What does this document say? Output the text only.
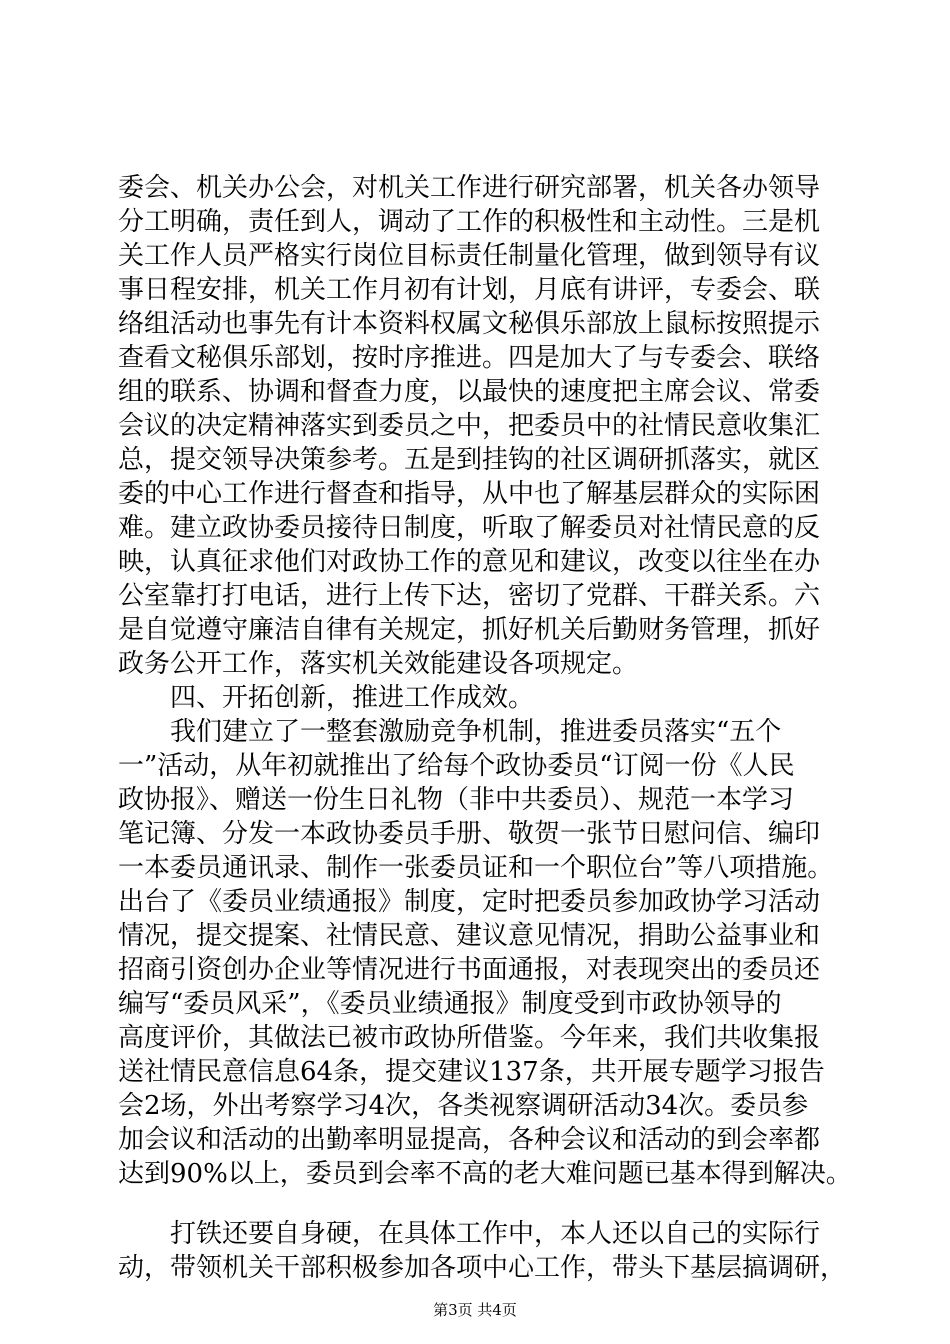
委会、机关办公会，对机关工作进行研究部署，机关各办领导
分工明确，责任到人，调动了工作的积极性和主动性。三是机
关工作人员严格实行岗位目标责任制量化管理，做到领导有议
事日程安排，机关工作月初有计划，月底有讲评，专委会、联
络组活动也事先有计本资料权属文秘俱乐部放上鼠标按照提示
查看文秘俱乐部划，按时序推进。四是加大了与专委会、联络
组的联系、协调和督查力度，以最快的速度把主席会议、常委
会议的决定精神落实到委员之中，把委员中的社情民意收集汇
总，提交领导决策参考。五是到挂钩的社区调研抓落实，就区
委的中心工作进行督查和指导，从中也了解基层群众的实际困
难。建立政协委员接待日制度，听取了解委员对社情民意的反
映，认真征求他们对政协工作的意见和建议，改变以往坐在办
公室靠打打电话，进行上传下达，密切了党群、干群关系。六
是自觉遵守廉洁自律有关规定，抓好机关后勤财务管理，抓好
政务公开工作，落实机关效能建设各项规定。
　　四、开拓创新，推进工作成效。
　　我们建立了一整套激励竞争机制，推进委员落实“五个
一”活动，从年初就推出了给每个政协委员“订阅一份《人民
政协报》、赠送一份生日礼物（非中共委员）、规范一本学习
笔记簿、分发一本政协委员手册、敬贺一张节日慰问信、编印
一本委员通讯录、制作一张委员证和一个职位台”等八项措施。
出台了《委员业绩通报》制度，定时把委员参加政协学习活动
情况，提交提案、社情民意、建议意见情况，捐助公益事业和
招商引资创办企业等情况进行书面通报，对表现突出的委员还
编写“委员风采”，《委员业绩通报》制度受到市政协领导的
高度评价，其做法已被市政协所借鉴。今年来，我们共收集报
送社情民意信息64条，提交建议137条，共开展专题学习报告
会2场，外出考察学习4次，各类视察调研活动34次。委员参
加会议和活动的出勤率明显提高，各种会议和活动的到会率都
达到90%以上，委员到会率不高的老大难问题已基本得到解决。
　　打铁还要自身硬，在具体工作中，本人还以自己的实际行
动，带领机关干部积极参加各项中心工作，带头下基层搞调研，
第3页 共4页
